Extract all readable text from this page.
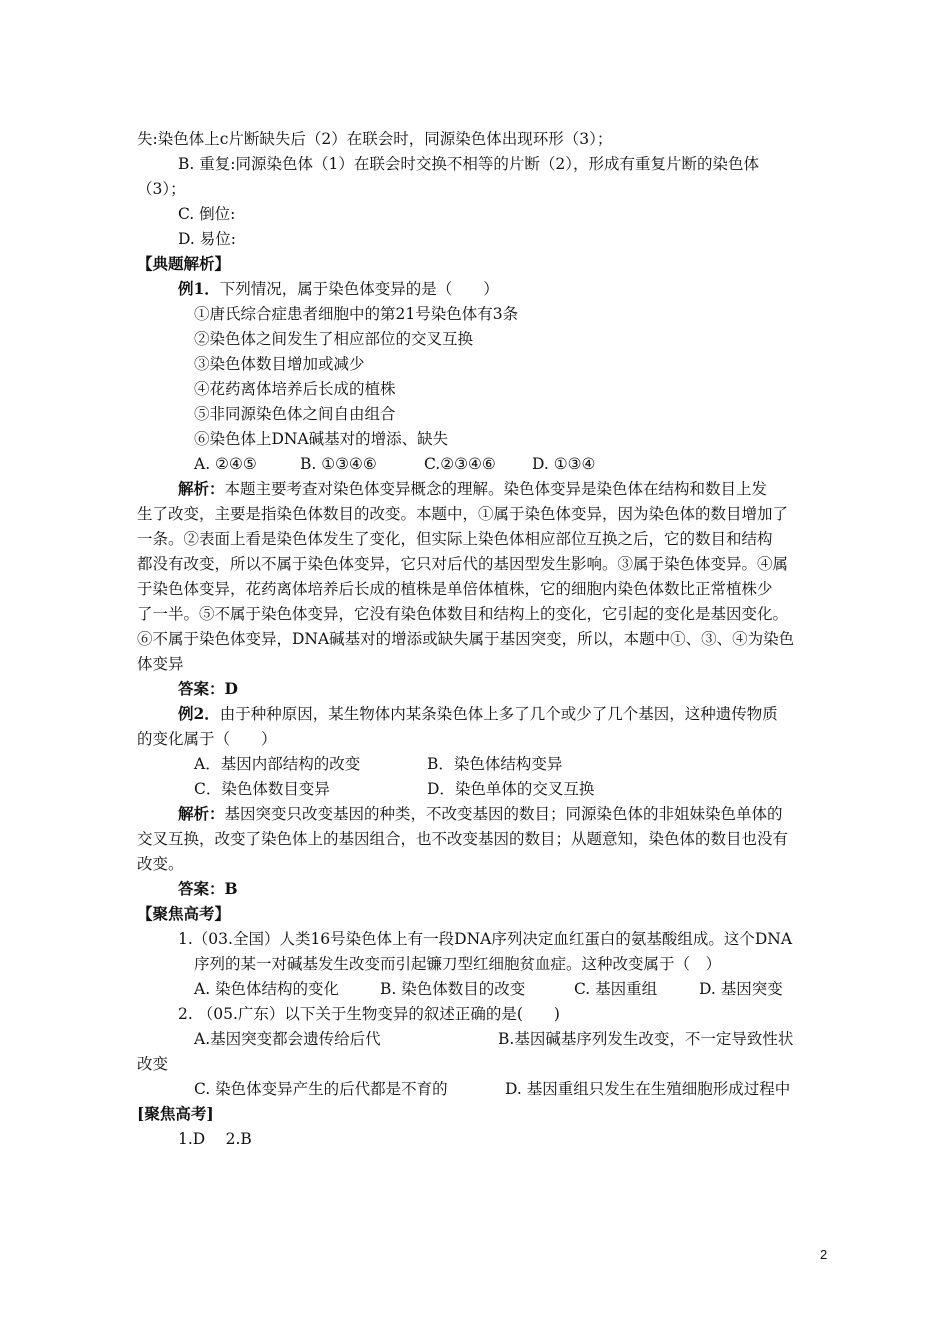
失:染色体上c片断缺失后（2）在联会时，同源染色体出现环形（3）；
B. 重复:同源染色体（1）在联会时交换不相等的片断（2），形成有重复片断的染色体
（3）；
C. 倒位:
D. 易位:
【典题解析】
例1．下列情况，属于染色体变异的是（　　）
①唐氏综合症患者细胞中的第21号染色体有3条
②染色体之间发生了相应部位的交叉互换
③染色体数目增加或减少
④花药离体培养后长成的植株
⑤非同源染色体之间自由组合
⑥染色体上DNA碱基对的增添、缺失
A. ②④⑤	B. ①③④⑥	C.②③④⑥ D. ①③④
解析：本题主要考查对染色体变异概念的理解。染色体变异是染色体在结构和数目上发
生了改变，主要是指染色体数目的改变。本题中，①属于染色体变异，因为染色体的数目增加了
一条。②表面上看是染色体发生了变化，但实际上染色体相应部位互换之后，它的数目和结构
都没有改变，所以不属于染色体变异，它只对后代的基因型发生影响。③属于染色体变异。④属
于染色体变异，花药离体培养后长成的植株是单倍体植株，它的细胞内染色体数比正常植株少
了一半。⑤不属于染色体变异，它没有染色体数目和结构上的变化，它引起的变化是基因变化。
⑥不属于染色体变异，DNA碱基对的增添或缺失属于基因突变，所以，本题中①、③、④为染色
体变异
答案：D
例2．由于种种原因，某生物体内某条染色体上多了几个或少了几个基因，这种遗传物质
的变化属于（　　）
A．基因内部结构的改变	B．染色体结构变异
C．染色体数目变异	D．染色单体的交叉互换
解析：基因突变只改变基因的种类，不改变基因的数目；同源染色体的非姐妹染色单体的
交叉互换，改变了染色体上的基因组合，也不改变基因的数目；从题意知，染色体的数目也没有
改变。
答案：B
【聚焦高考】
1.（03.全国）人类16号染色体上有一段DNA序列决定血红蛋白的氨基酸组成。这个DNA
序列的某一对碱基发生改变而引起镰刀型红细胞贫血症。这种改变属于（　）
A. 染色体结构的变化	B. 染色体数目的改变	C. 基因重组	D. 基因突变
2. （05.广东）以下关于生物变异的叙述正确的是(　　)
A.基因突变都会遗传给后代	B.基因碱基序列发生改变，不一定导致性状
改变
C. 染色体变异产生的后代都是不育的	D. 基因重组只发生在生殖细胞形成过程中
[聚焦高考]
1.D　 2.B
2
